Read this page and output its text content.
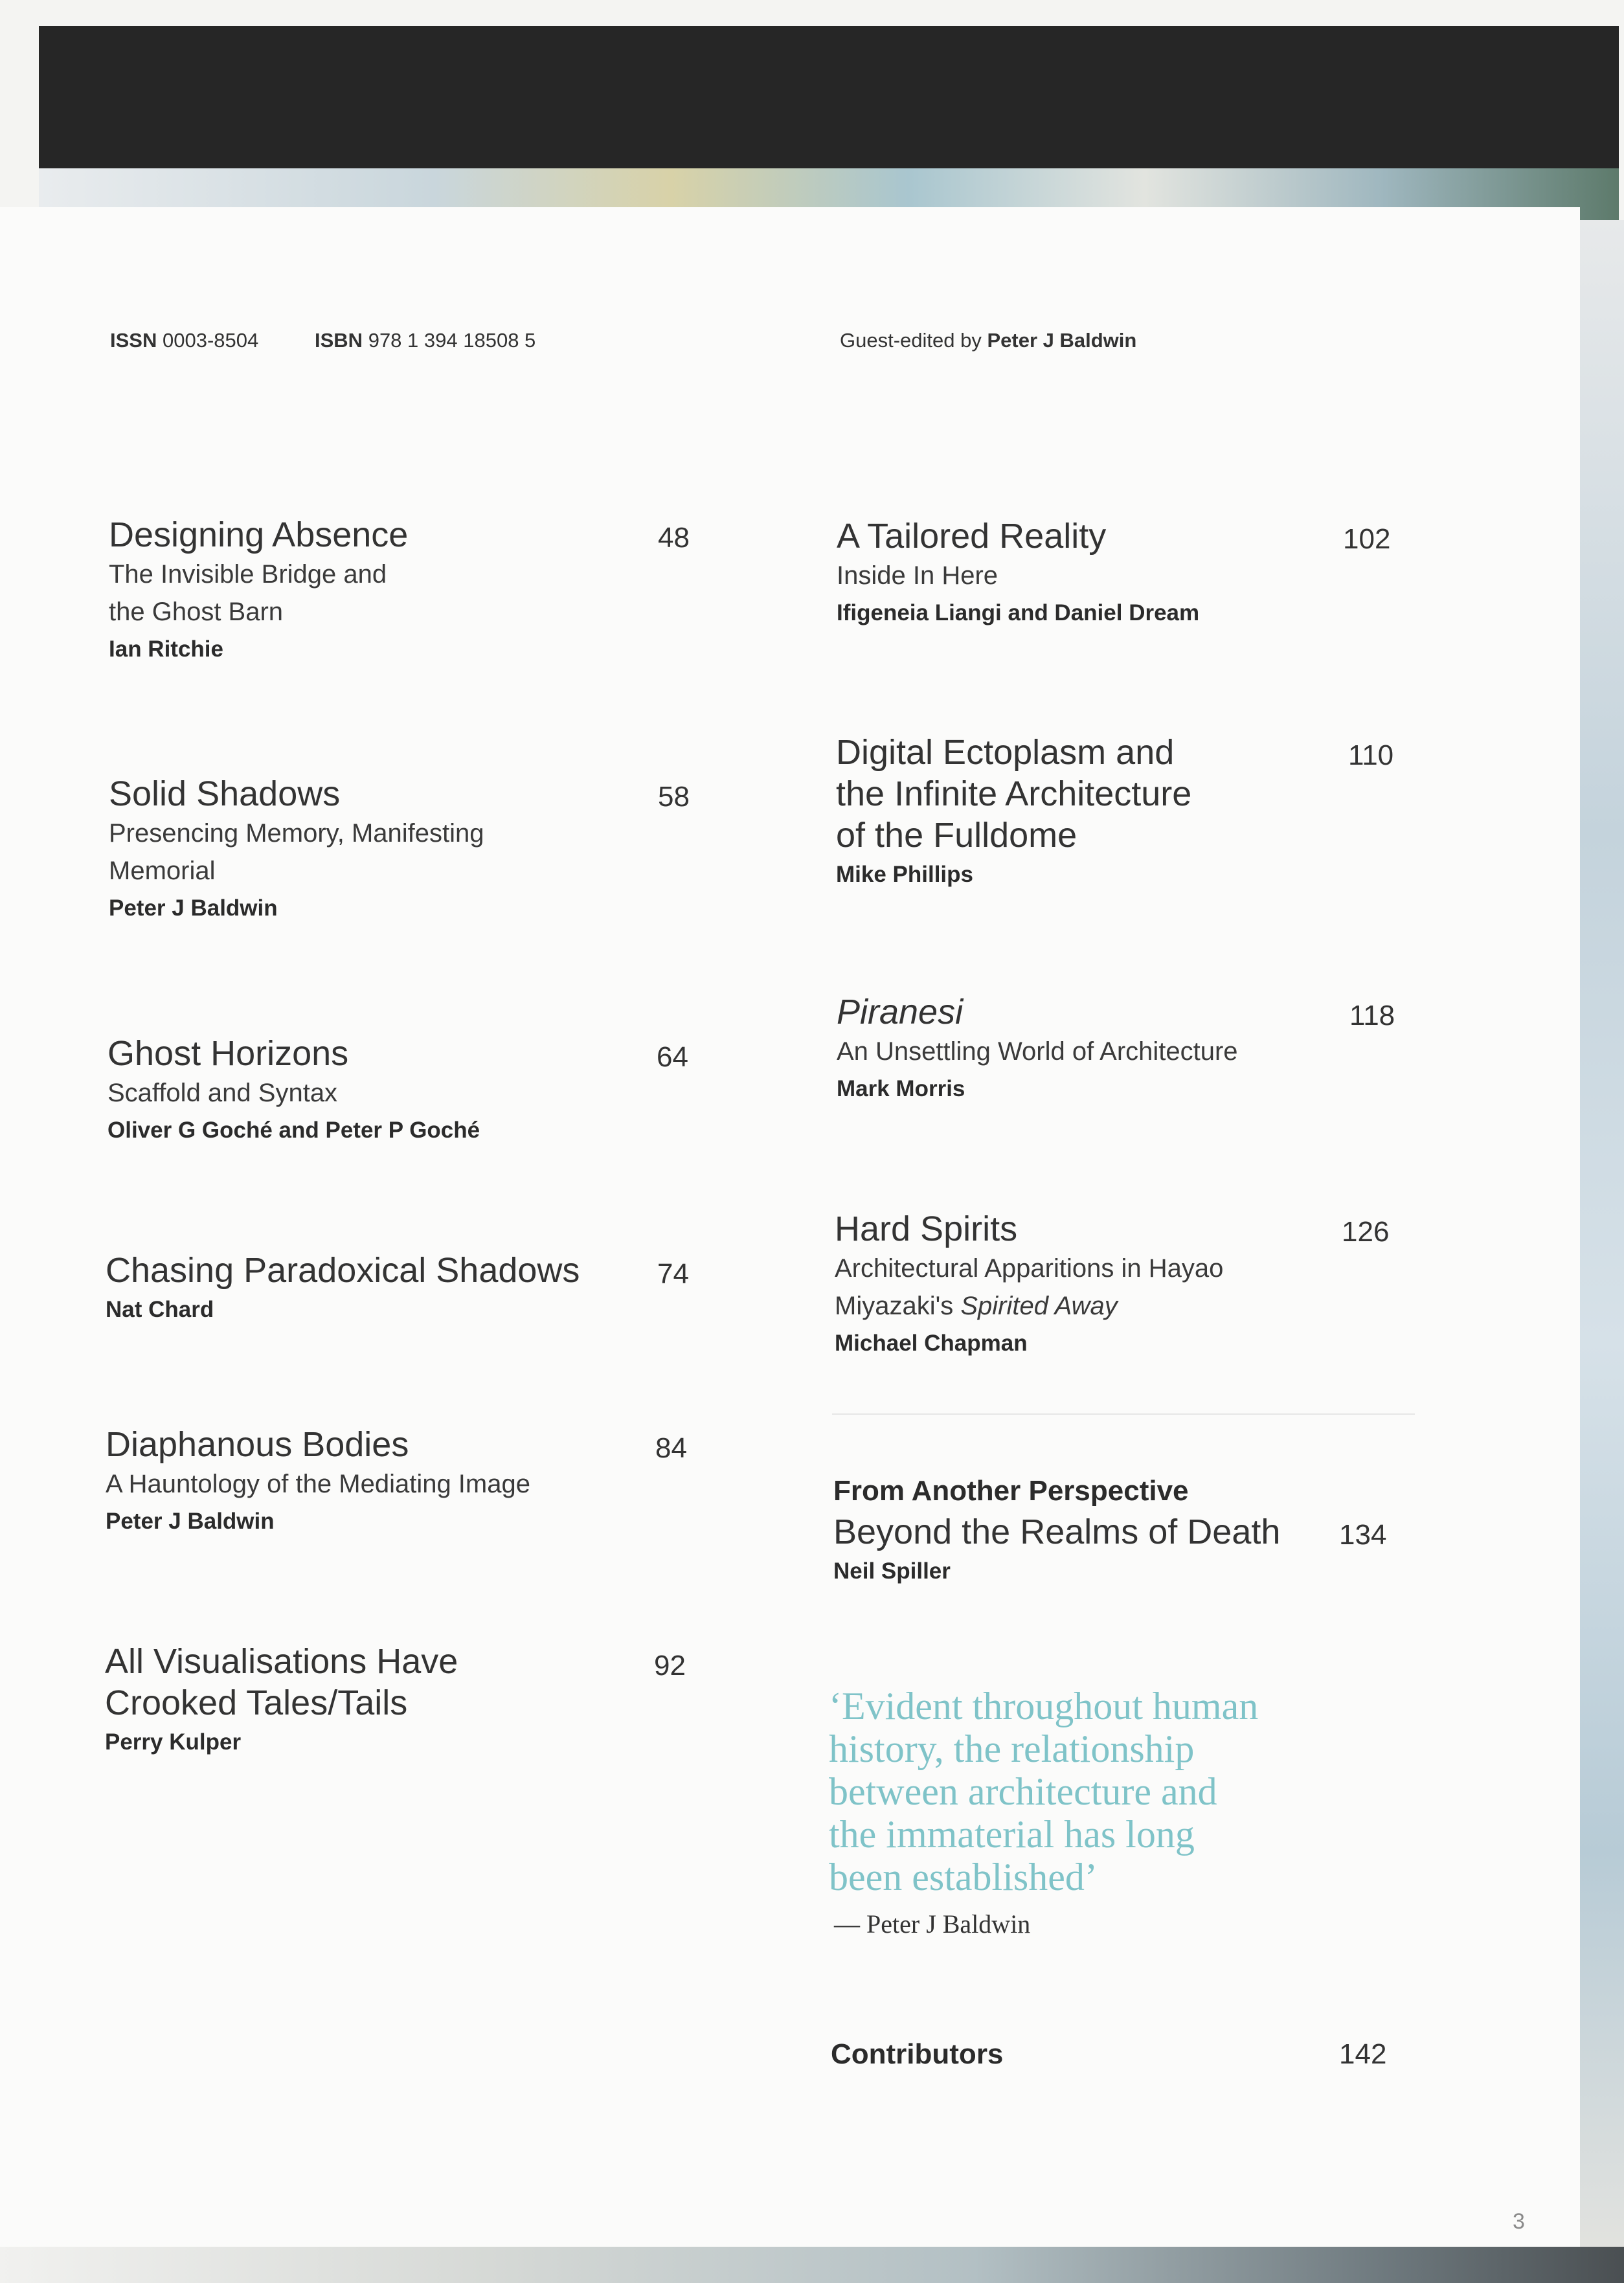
ISSN 0003-8504	ISBN 978 1 394 18508 5	Guest-edited by Peter J Baldwin
Designing Absence
The Invisible Bridge and
the Ghost Barn
Ian Ritchie
48
Solid Shadows
Presencing Memory, Manifesting
Memorial
Peter J Baldwin
58
Ghost Horizons
Scaffold and Syntax
Oliver G Goché and Peter P Goché
64
Chasing Paradoxical Shadows
Nat Chard
74
Diaphanous Bodies
A Hauntology of the Mediating Image
Peter J Baldwin
84
All Visualisations Have
Crooked Tales/Tails
Perry Kulper
92
A Tailored Reality
Inside In Here
Ifigeneia Liangi and Daniel Dream
102
Digital Ectoplasm and
the Infinite Architecture
of the Fulldome
Mike Phillips
110
Piranesi
An Unsettling World of Architecture
Mark Morris
118
Hard Spirits
Architectural Apparitions in Hayao
Miyazaki's Spirited Away
Michael Chapman
126
From Another Perspective
Beyond the Realms of Death
Neil Spiller
134
‘Evident throughout human
history, the relationship
between architecture and
the immaterial has long
been established’
— Peter J Baldwin
Contributors	142
3
